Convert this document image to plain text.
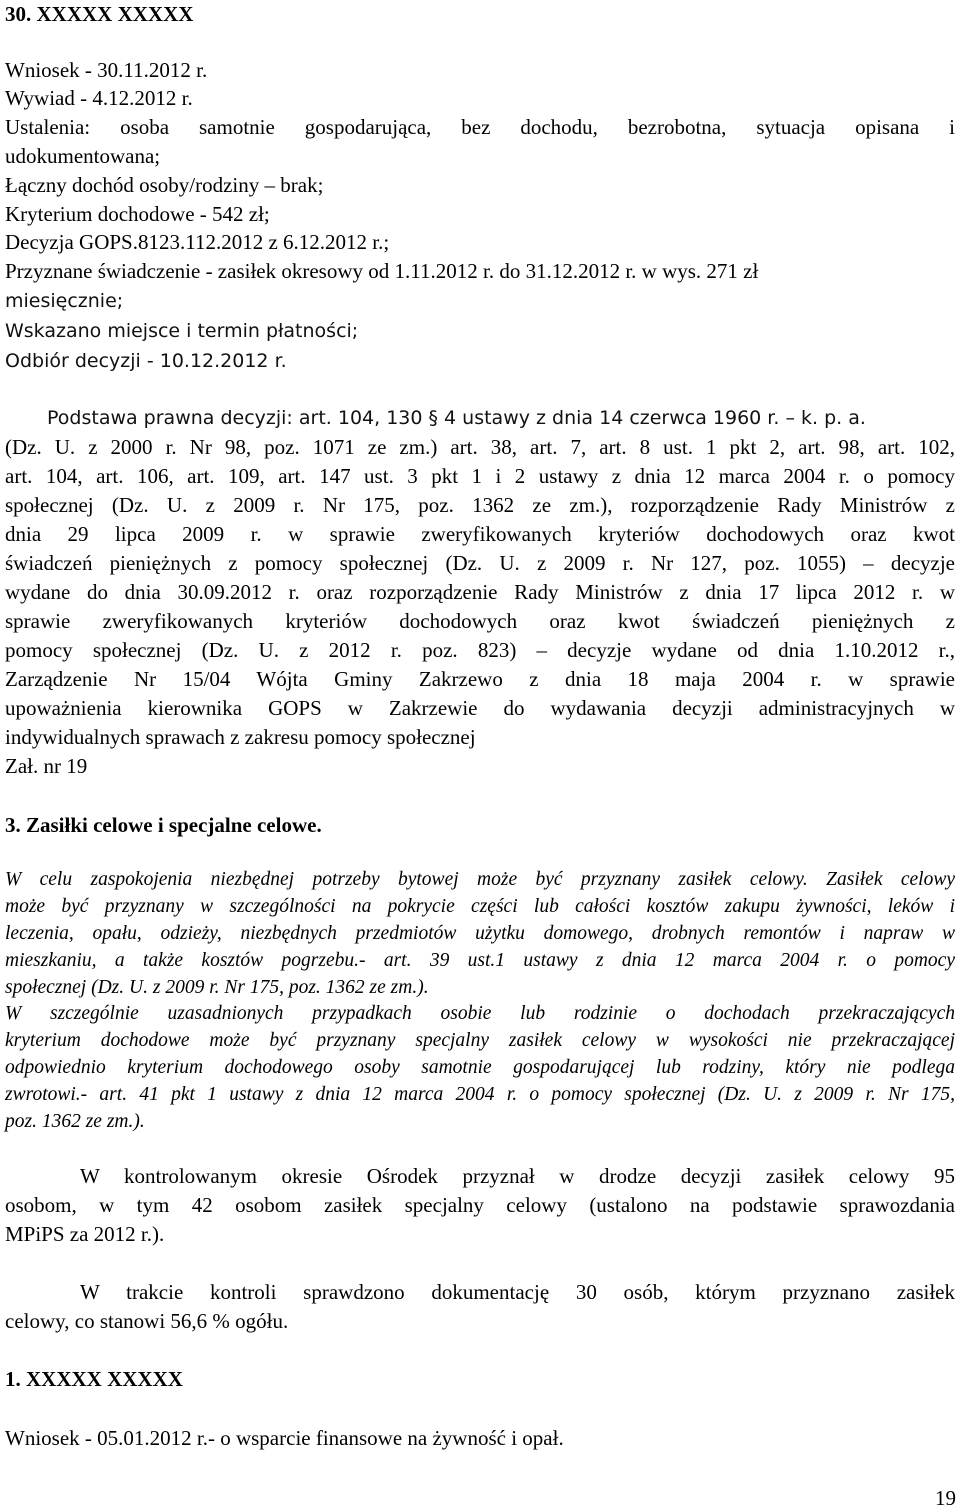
30. XXXXX XXXXX
Wniosek - 30.11.2012 r.
Wywiad - 4.12.2012 r.
Ustalenia: osoba samotnie gospodarująca, bez dochodu, bezrobotna, sytuacja opisana i
udokumentowana;
Łączny dochód osoby/rodziny – brak;
Kryterium dochodowe - 542 zł;
Decyzja GOPS.8123.112.2012 z 6.12.2012 r.;
Przyznane świadczenie - zasiłek okresowy od 1.11.2012 r. do 31.12.2012 r. w wys. 271 zł
miesięcznie;
Wskazano miejsce i termin płatności;
Odbiór decyzji - 10.12.2012 r.
Podstawa prawna decyzji: art. 104, 130 § 4 ustawy z dnia 14 czerwca 1960 r. – k. p. a.
(Dz. U. z 2000 r. Nr 98, poz. 1071 ze zm.) art. 38, art. 7, art. 8 ust. 1 pkt 2, art. 98, art. 102,
art. 104, art. 106, art. 109, art. 147 ust. 3 pkt 1 i 2 ustawy z dnia 12 marca 2004 r. o pomocy
społecznej (Dz. U. z 2009 r. Nr 175, poz. 1362 ze zm.), rozporządzenie Rady Ministrów z
dnia 29 lipca 2009 r. w sprawie zweryfikowanych kryteriów dochodowych oraz kwot
świadczeń pieniężnych z pomocy społecznej (Dz. U. z 2009 r. Nr 127, poz. 1055) – decyzje
wydane do dnia 30.09.2012 r. oraz rozporządzenie Rady Ministrów z dnia 17 lipca 2012 r. w
sprawie zweryfikowanych kryteriów dochodowych oraz kwot świadczeń pieniężnych z
pomocy społecznej (Dz. U. z 2012 r. poz. 823) – decyzje wydane od dnia 1.10.2012 r.,
Zarządzenie Nr 15/04 Wójta Gminy Zakrzewo z dnia 18 maja 2004 r. w sprawie
upoważnienia kierownika GOPS w Zakrzewie do wydawania decyzji administracyjnych w
indywidualnych sprawach z zakresu pomocy społecznej
Zał. nr 19
3. Zasiłki celowe i specjalne celowe.
W celu zaspokojenia niezbędnej potrzeby bytowej może być przyznany zasiłek celowy. Zasiłek celowy
może być przyznany w szczególności na pokrycie części lub całości kosztów zakupu żywności, leków i
leczenia, opału, odzieży, niezbędnych przedmiotów użytku domowego, drobnych remontów i napraw w
mieszkaniu, a także kosztów pogrzebu.- art. 39 ust.1 ustawy z dnia 12 marca 2004 r. o pomocy
społecznej (Dz. U. z 2009 r. Nr 175, poz. 1362 ze zm.).
W szczególnie uzasadnionych przypadkach osobie lub rodzinie o dochodach przekraczających
kryterium dochodowe może być przyznany specjalny zasiłek celowy w wysokości nie przekraczającej
odpowiednio kryterium dochodowego osoby samotnie gospodarującej lub rodziny, który nie podlega
zwrotowi.- art. 41 pkt 1 ustawy z dnia 12 marca 2004 r. o pomocy społecznej (Dz. U. z 2009 r. Nr 175,
poz. 1362 ze zm.).
W kontrolowanym okresie Ośrodek przyznał w drodze decyzji zasiłek celowy 95
osobom, w tym 42 osobom zasiłek specjalny celowy (ustalono na podstawie sprawozdania
MPiPS za 2012 r.).
W trakcie kontroli sprawdzono dokumentację 30 osób, którym przyznano zasiłek
celowy, co stanowi 56,6 % ogółu.
1. XXXXX XXXXX
Wniosek - 05.01.2012 r.- o wsparcie finansowe na żywność i opał.
19
